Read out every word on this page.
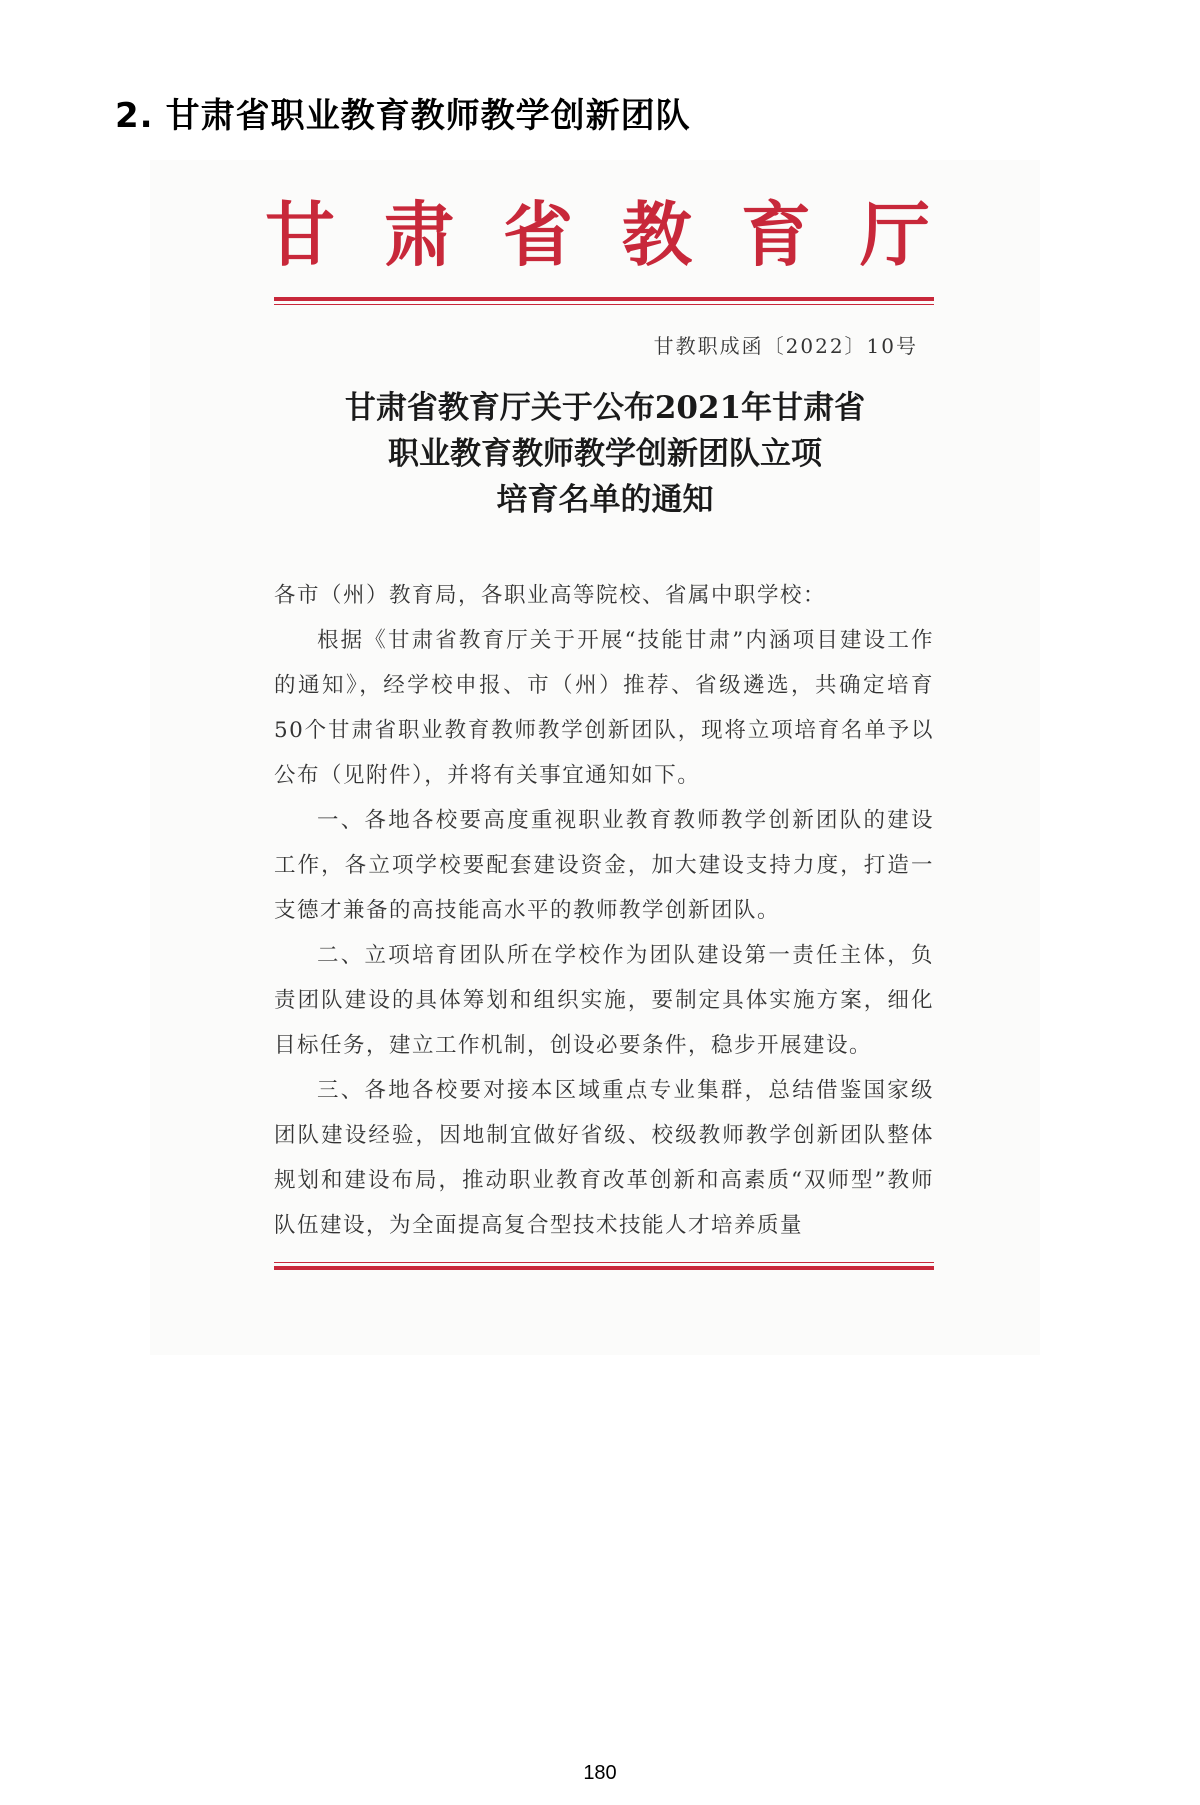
2. 甘肃省职业教育教师教学创新团队
甘 肃 省 教 育 厅
甘教职成函〔2022〕10号
甘肃省教育厅关于公布2021年甘肃省
职业教育教师教学创新团队立项
培育名单的通知

各市（州）教育局，各职业高等院校、省属中职学校：

根据《甘肃省教育厅关于开展“技能甘肃”内涵项目建设工作的通知》，经学校申报、市（州）推荐、省级遴选，共确定培育50个甘肃省职业教育教师教学创新团队，现将立项培育名单予以公布（见附件），并将有关事宜通知如下。

一、各地各校要高度重视职业教育教师教学创新团队的建设工作，各立项学校要配套建设资金，加大建设支持力度，打造一支德才兼备的高技能高水平的教师教学创新团队。

二、立项培育团队所在学校作为团队建设第一责任主体，负责团队建设的具体筹划和组织实施，要制定具体实施方案，细化目标任务，建立工作机制，创设必要条件，稳步开展建设。

三、各地各校要对接本区域重点专业集群，总结借鉴国家级团队建设经验，因地制宜做好省级、校级教师教学创新团队整体规划和建设布局，推动职业教育改革创新和高素质“双师型”教师队伍建设，为全面提高复合型技术技能人才培养质量

180
